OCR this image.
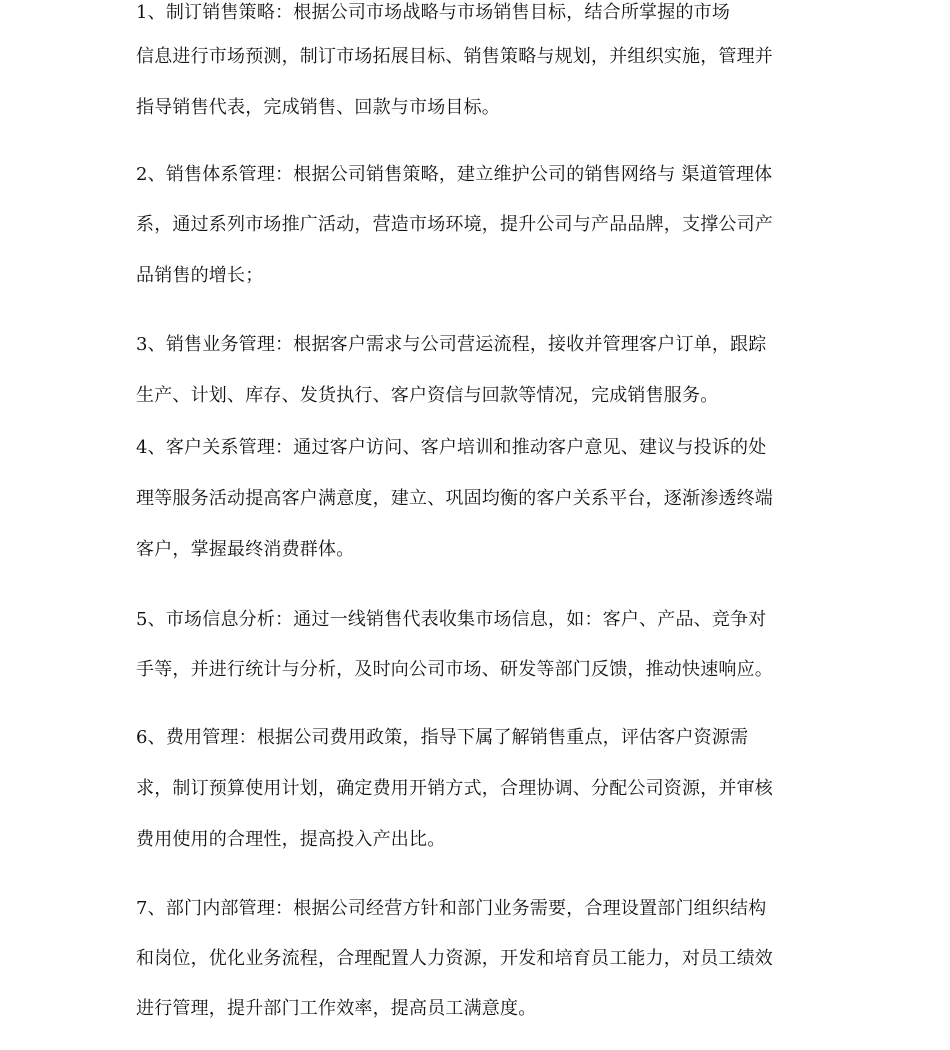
1、制订销售策略：根据公司市场战略与市场销售目标，结合所掌握的市场
信息进行市场预测，制订市场拓展目标、销售策略与规划，并组织实施，管理并
指导销售代表，完成销售、回款与市场目标。
2、销售体系管理：根据公司销售策略，建立维护公司的销售网络与 渠道管理体
系，通过系列市场推广活动，营造市场环境，提升公司与产品品牌，支撑公司产
品销售的增长；
3、销售业务管理：根据客户需求与公司营运流程，接收并管理客户订单，跟踪
生产、计划、库存、发货执行、客户资信与回款等情况，完成销售服务。
4、客户关系管理：通过客户访问、客户培训和推动客户意见、建议与投诉的处
理等服务活动提高客户满意度，建立、巩固均衡的客户关系平台，逐渐渗透终端
客户，掌握最终消费群体。
5、市场信息分析：通过一线销售代表收集市场信息，如：客户、产品、竞争对
手等，并进行统计与分析，及时向公司市场、研发等部门反馈，推动快速响应。
6、费用管理：根据公司费用政策，指导下属了解销售重点，评估客户资源需
求，制订预算使用计划，确定费用开销方式，合理协调、分配公司资源，并审核
费用使用的合理性，提高投入产出比。
7、部门内部管理：根据公司经营方针和部门业务需要，合理设置部门组织结构
和岗位，优化业务流程，合理配置人力资源，开发和培育员工能力，对员工绩效
进行管理，提升部门工作效率，提高员工满意度。
